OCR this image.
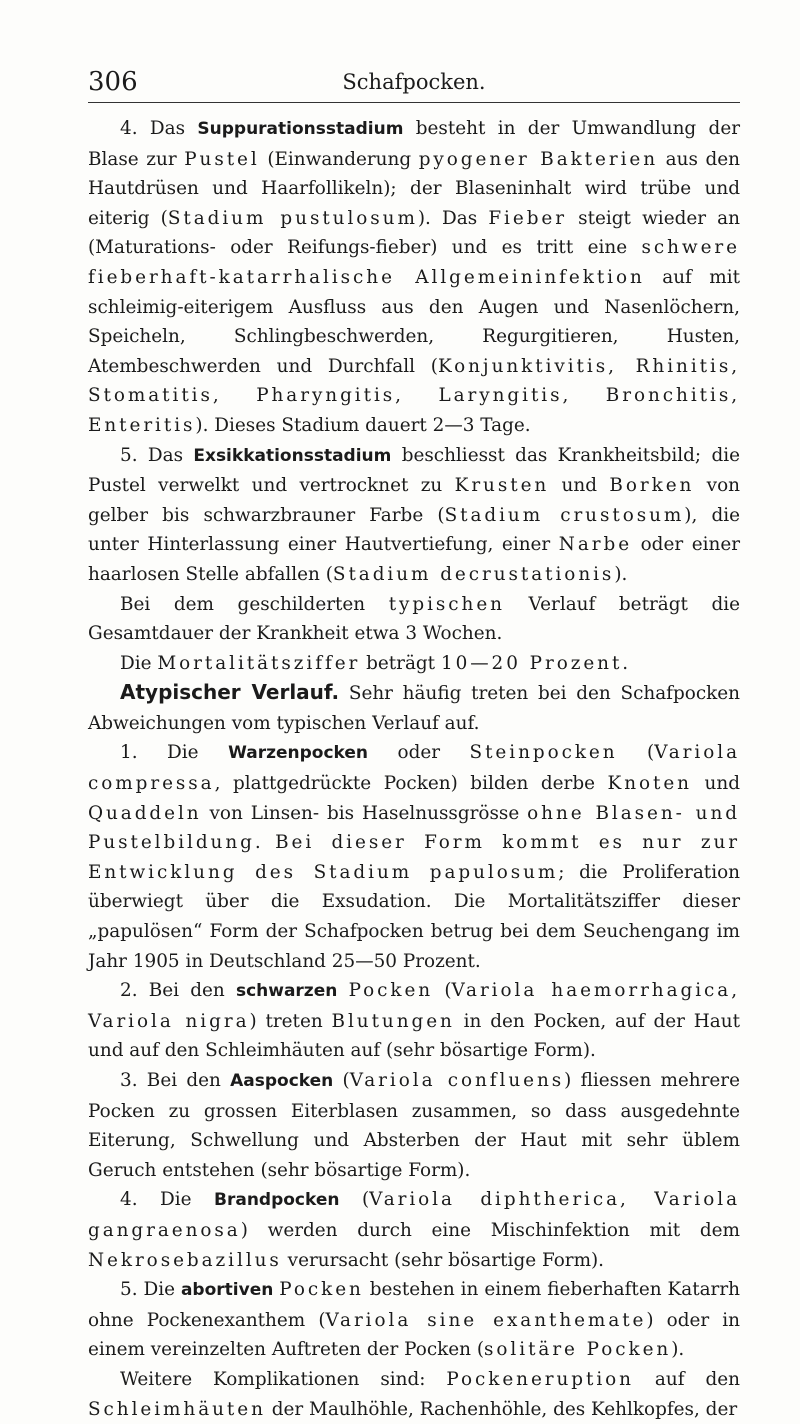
306	Schafpocken.

4. Das Suppurationsstadium besteht in der Umwandlung der Blase zur Pustel (Einwanderung pyogener Bakterien aus den Hautdrüsen und Haarfollikeln); der Blaseninhalt wird trübe und eiterig (Stadium pustulosum). Das Fieber steigt wieder an (Maturations- oder Reifungs-fieber) und es tritt eine schwere fieberhaft-katarrhalische Allgemeininfektion auf mit schleimig-eiterigem Ausfluss aus den Augen und Nasenlöchern, Speicheln, Schlingbeschwerden, Regurgitieren, Husten, Atembeschwerden und Durchfall (Konjunktivitis, Rhinitis, Stomatitis, Pharyngitis, Laryngitis, Bronchitis, Enteritis). Dieses Stadium dauert 2—3 Tage.

5. Das Exsikkationsstadium beschliesst das Krankheitsbild; die Pustel verwelkt und vertrocknet zu Krusten und Borken von gelber bis schwarzbrauner Farbe (Stadium crustosum), die unter Hinterlassung einer Hautvertiefung, einer Narbe oder einer haarlosen Stelle abfallen (Stadium decrustationis).

Bei dem geschilderten typischen Verlauf beträgt die Gesamtdauer der Krankheit etwa 3 Wochen.

Die Mortalitätsziffer beträgt 10—20 Prozent.

Atypischer Verlauf. Sehr häufig treten bei den Schafpocken Abweichungen vom typischen Verlauf auf.

1. Die Warzenpocken oder Steinpocken (Variola compressa, plattgedrückte Pocken) bilden derbe Knoten und Quaddeln von Linsen- bis Haselnussgrösse ohne Blasen- und Pustelbildung. Bei dieser Form kommt es nur zur Entwicklung des Stadium papulosum; die Proliferation überwiegt über die Exsudation. Die Mortalitätsziffer dieser „papulösen“ Form der Schafpocken betrug bei dem Seuchengang im Jahr 1905 in Deutschland 25—50 Prozent.

2. Bei den schwarzen Pocken (Variola haemorrhagica, Variola nigra) treten Blutungen in den Pocken, auf der Haut und auf den Schleimhäuten auf (sehr bösartige Form).

3. Bei den Aaspocken (Variola confluens) fliessen mehrere Pocken zu grossen Eiterblasen zusammen, so dass ausgedehnte Eiterung, Schwellung und Absterben der Haut mit sehr üblem Geruch entstehen (sehr bösartige Form).

4. Die Brandpocken (Variola diphtherica, Variola gangraenosa) werden durch eine Mischinfektion mit dem Nekrosebazillus verursacht (sehr bösartige Form).

5. Die abortiven Pocken bestehen in einem fieberhaften Katarrh ohne Pockenexanthem (Variola sine exanthemate) oder in einem vereinzelten Auftreten der Pocken (solitäre Pocken).

Weitere Komplikationen sind: Pockeneruption auf den Schleimhäuten der Maulhöhle, Rachenhöhle, des Kehlkopfes, der
